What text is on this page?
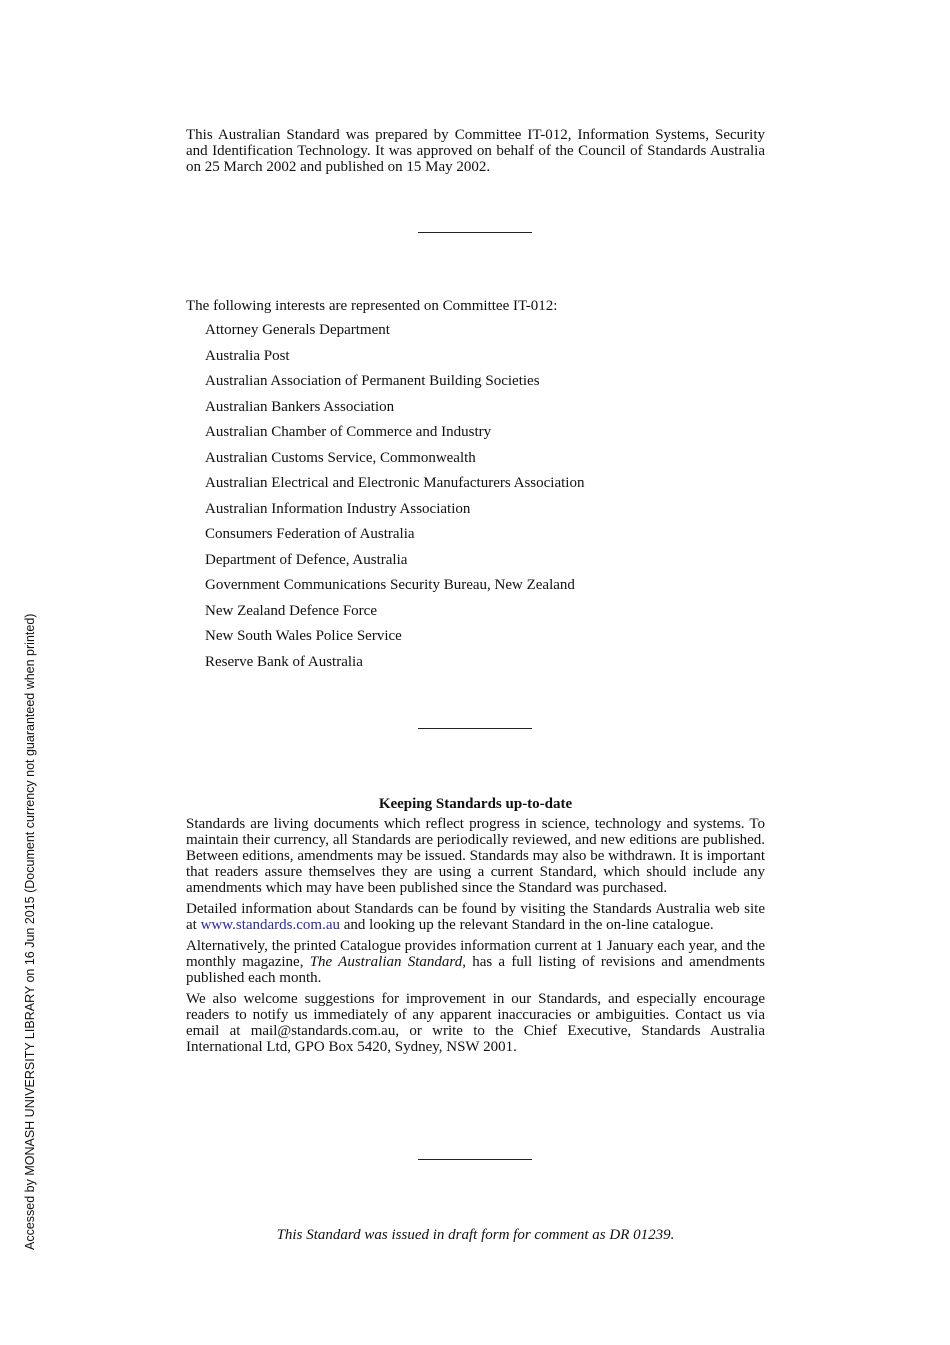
Accessed by MONASH UNIVERSITY LIBRARY on 16 Jun 2015 (Document currency not guaranteed when printed)
This Australian Standard was prepared by Committee IT-012, Information Systems, Security and Identification Technology. It was approved on behalf of the Council of Standards Australia on 25 March 2002 and published on 15 May 2002.
The following interests are represented on Committee IT-012:
Attorney Generals Department
Australia Post
Australian Association of Permanent Building Societies
Australian Bankers Association
Australian Chamber of Commerce and Industry
Australian Customs Service, Commonwealth
Australian Electrical and Electronic Manufacturers Association
Australian Information Industry Association
Consumers Federation of Australia
Department of Defence, Australia
Government Communications Security Bureau, New Zealand
New Zealand Defence Force
New South Wales Police Service
Reserve Bank of Australia
Keeping Standards up-to-date

Standards are living documents which reflect progress in science, technology and systems. To maintain their currency, all Standards are periodically reviewed, and new editions are published. Between editions, amendments may be issued. Standards may also be withdrawn. It is important that readers assure themselves they are using a current Standard, which should include any amendments which may have been published since the Standard was purchased.

Detailed information about Standards can be found by visiting the Standards Australia web site at www.standards.com.au and looking up the relevant Standard in the on-line catalogue.

Alternatively, the printed Catalogue provides information current at 1 January each year, and the monthly magazine, The Australian Standard, has a full listing of revisions and amendments published each month.

We also welcome suggestions for improvement in our Standards, and especially encourage readers to notify us immediately of any apparent inaccuracies or ambiguities. Contact us via email at mail@standards.com.au, or write to the Chief Executive, Standards Australia International Ltd, GPO Box 5420, Sydney, NSW 2001.

This Standard was issued in draft form for comment as DR 01239.
